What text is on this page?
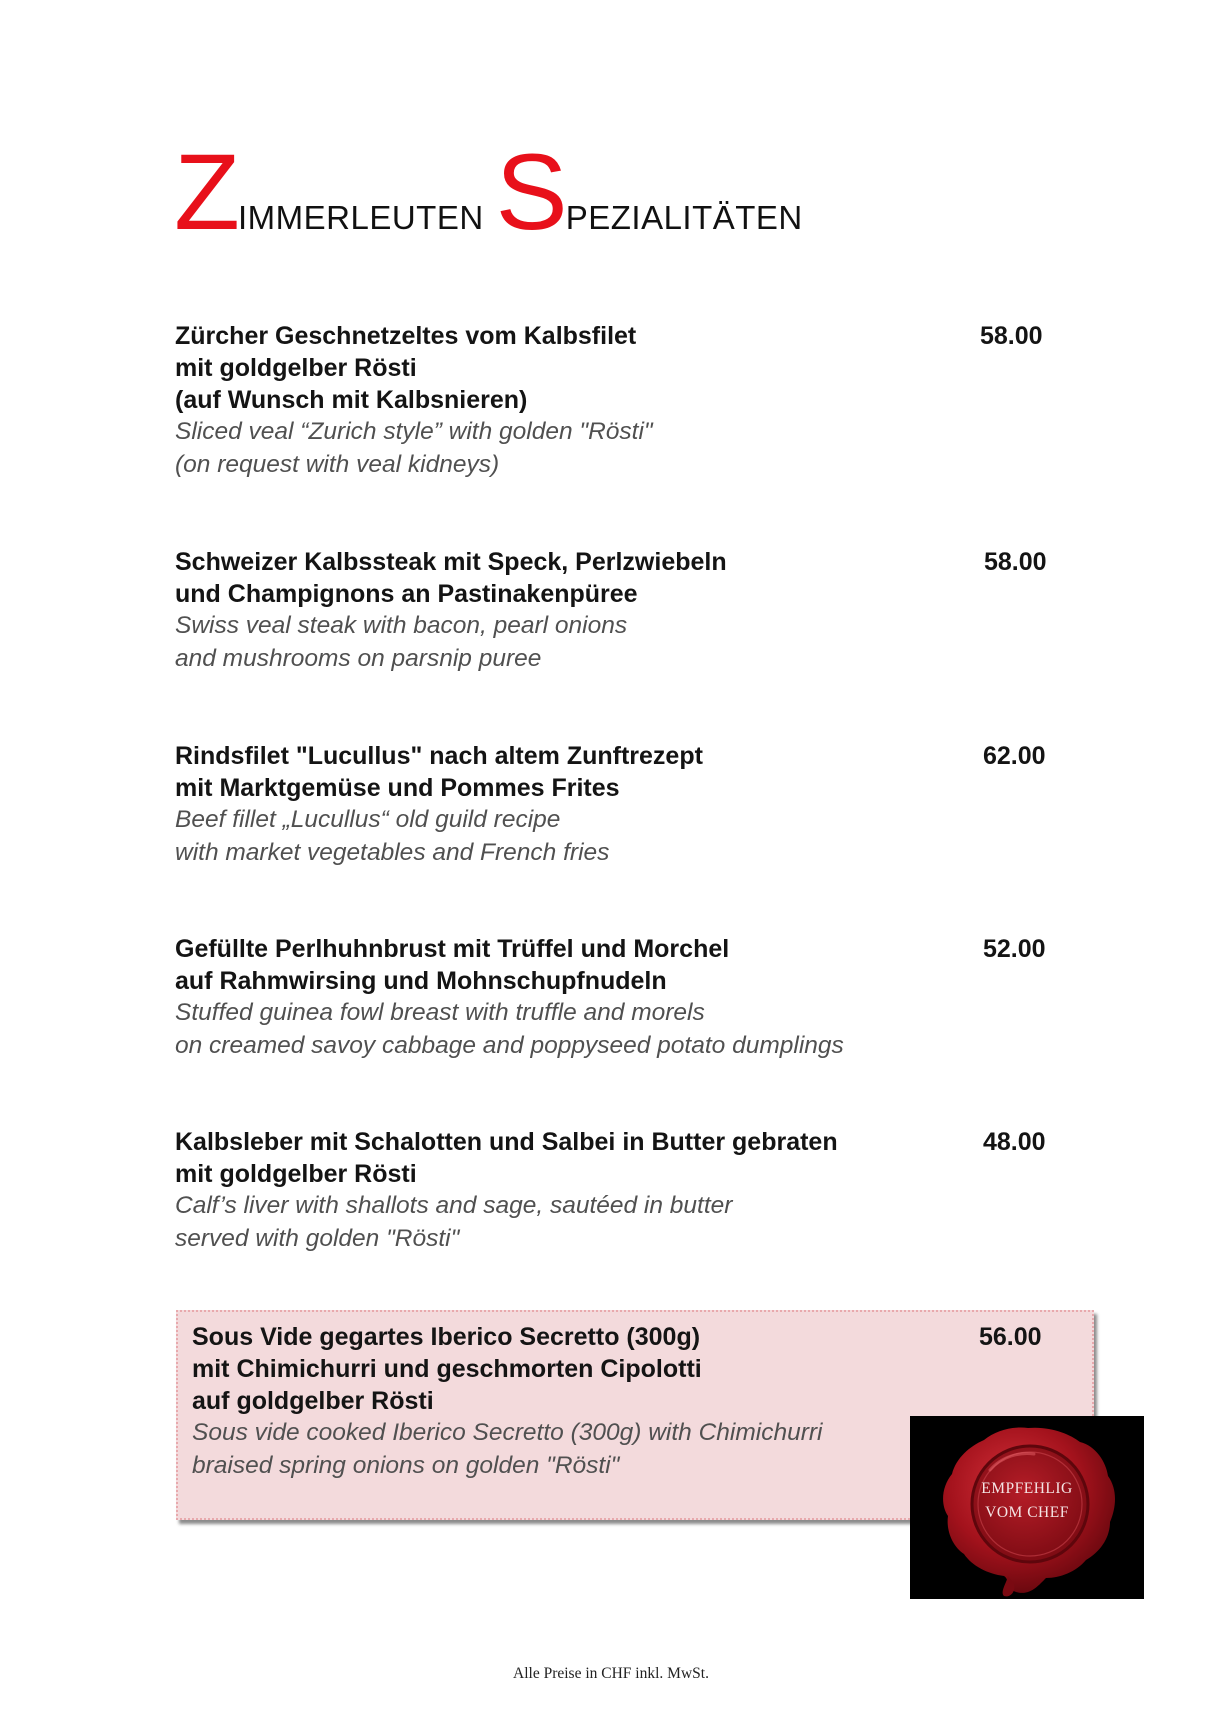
ZIMMERLEUTEN SPEZIALITÄTEN

Zürcher Geschnetzeltes vom Kalbsfilet

mit goldgelber Rösti

(auf Wunsch mit Kalbsnieren)

Sliced veal “Zurich style” with golden "Rösti"

(on request with veal kidneys)

58.00

Schweizer Kalbssteak mit Speck, Perlzwiebeln

und Champignons an Pastinakenpüree

Swiss veal steak with bacon, pearl onions

and mushrooms on parsnip puree

58.00

Rindsfilet "Lucullus" nach altem Zunftrezept

mit Marktgemüse und Pommes Frites

Beef fillet „Lucullus“ old guild recipe

with market vegetables and French fries

62.00

Gefüllte Perlhuhnbrust mit Trüffel und Morchel

auf Rahmwirsing und Mohnschupfnudeln

Stuffed guinea fowl breast with truffle and morels

on creamed savoy cabbage and poppyseed potato dumplings

52.00

Kalbsleber mit Schalotten und Salbei in Butter gebraten

mit goldgelber Rösti

Calf’s liver with shallots and sage, sautéed in butter

served with golden "Rösti"

48.00

Sous Vide gegartes Iberico Secretto (300g)

mit Chimichurri und geschmorten Cipolotti

auf goldgelber Rösti

Sous vide cooked Iberico Secretto (300g) with Chimichurri

braised spring onions on golden "Rösti"

56.00
EMPFEHLIG
VOM CHEF
Alle Preise in CHF inkl. MwSt.
